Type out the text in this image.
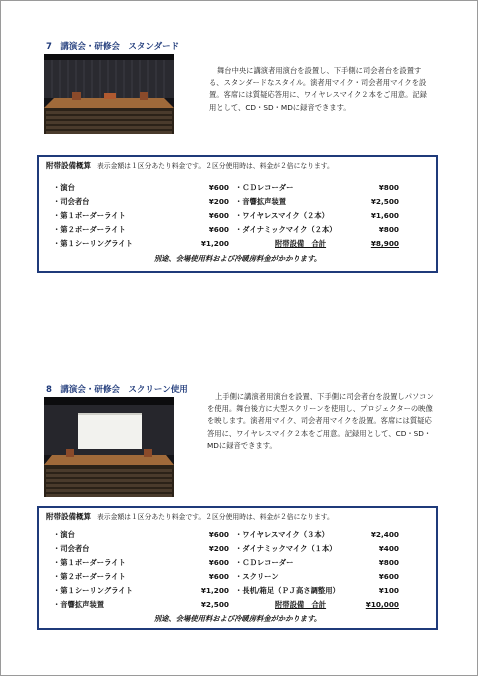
7　講演会・研修会　スタンダード

舞台中央に講演者用演台を設置し、下手側に司会者台を設置する、スタンダードなスタイル。演者用マイク・司会者用マイクを設置。客席には質疑応答用に、ワイヤレスマイク２本をご用意。記録用として、CD・SD・MDに録音できます。

附帯設備概算 表示金額は１区分あたり料金です。２区分使用時は、料金が２倍になります。
・演台	¥600
・司会者台	¥200
・第１ボーダーライト	¥600
・第２ボーダーライト	¥600
・第１シーリングライト	¥1,200
・ＣＤレコーダー	¥800
・音響拡声装置	¥2,500
・ワイヤレスマイク（２本）	¥1,600
・ダイナミックマイク（２本）	¥800
附帯設備　合計	¥8,900
別途、会場使用料および冷暖房料金がかかります。
8　講演会・研修会　スクリーン使用

上手側に講演者用演台を設置、下手側に司会者台を設置しパソコンを使用。舞台後方に大型スクリーンを使用し、プロジェクターの映像を映します。演者用マイク、司会者用マイクを設置。客席には質疑応答用に、ワイヤレスマイク２本をご用意。記録用として、CD・SD・MDに録音できます。

附帯設備概算 表示金額は１区分あたり料金です。２区分使用時は、料金が２倍になります。
・演台	¥600
・司会者台	¥200
・第１ボーダーライト	¥600
・第２ボーダーライト	¥600
・第１シーリングライト	¥1,200
・音響拡声装置	¥2,500
・ワイヤレスマイク（３本）	¥2,400
・ダイナミックマイク（１本）	¥400
・ＣＤレコーダー	¥800
・スクリーン	¥600
・長机/箱足（ＰＪ高さ調整用）	¥100
附帯設備　合計	¥10,000
別途、会場使用料および冷暖房料金がかかります。
